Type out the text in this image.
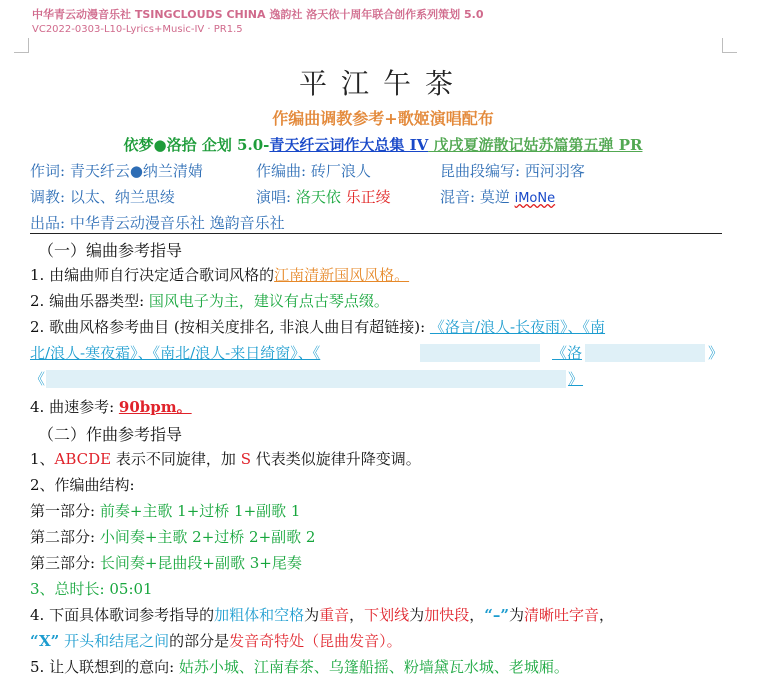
中华青云动漫音乐社 TSINGCLOUDS CHINA 逸韵社 洛天依十周年联合创作系列策划 5.0
VC2022-0303-L10-Lyrics+Music-IV · PR1.5
平江午茶
作编曲调教参考+歌姬演唱配布
依梦●洛拾 企划 5.0-青天纤云词作大总集 IV 戊戌夏游散记姑苏篇第五弹 PR
作词: 青天纤云●纳兰清婧	作编曲: 砖厂浪人	昆曲段编写: 西河羽客
调教: 以太、纳兰思绫	演唱: 洛天依 乐正绫	混音: 莫逆 iMoNe
出品: 中华青云动漫音乐社 逸韵音乐社
（一）编曲参考指导
1. 由编曲师自行决定适合歌词风格的江南清新国风风格。
2. 编曲乐器类型: 国风电子为主，建议有点古琴点缀。
2. 歌曲风格参考曲目 (按相关度排名, 非浪人曲目有超链接): 《洛言/浪人-长夜雨》、《南
北/浪人-寒夜霜》、《南北/浪人-来日绮窗》、《	《洛	》
《	》
4. 曲速参考: 90bpm。
（二）作曲参考指导
1、ABCDE 表示不同旋律，加 S 代表类似旋律升降变调。
2、作编曲结构:
第一部分: 前奏+主歌 1+过桥 1+副歌 1
第二部分: 小间奏+主歌 2+过桥 2+副歌 2
第三部分: 长间奏+昆曲段+副歌 3+尾奏
3、总时长: 05:01
4. 下面具体歌词参考指导的加粗体和空格为重音，下划线为加快段，“–”为清晰吐字音，
“X” 开头和结尾之间的部分是发音奇特处（昆曲发音）。
5. 让人联想到的意向: 姑苏小城、江南春茶、乌篷船摇、粉墙黛瓦水城、老城厢。
